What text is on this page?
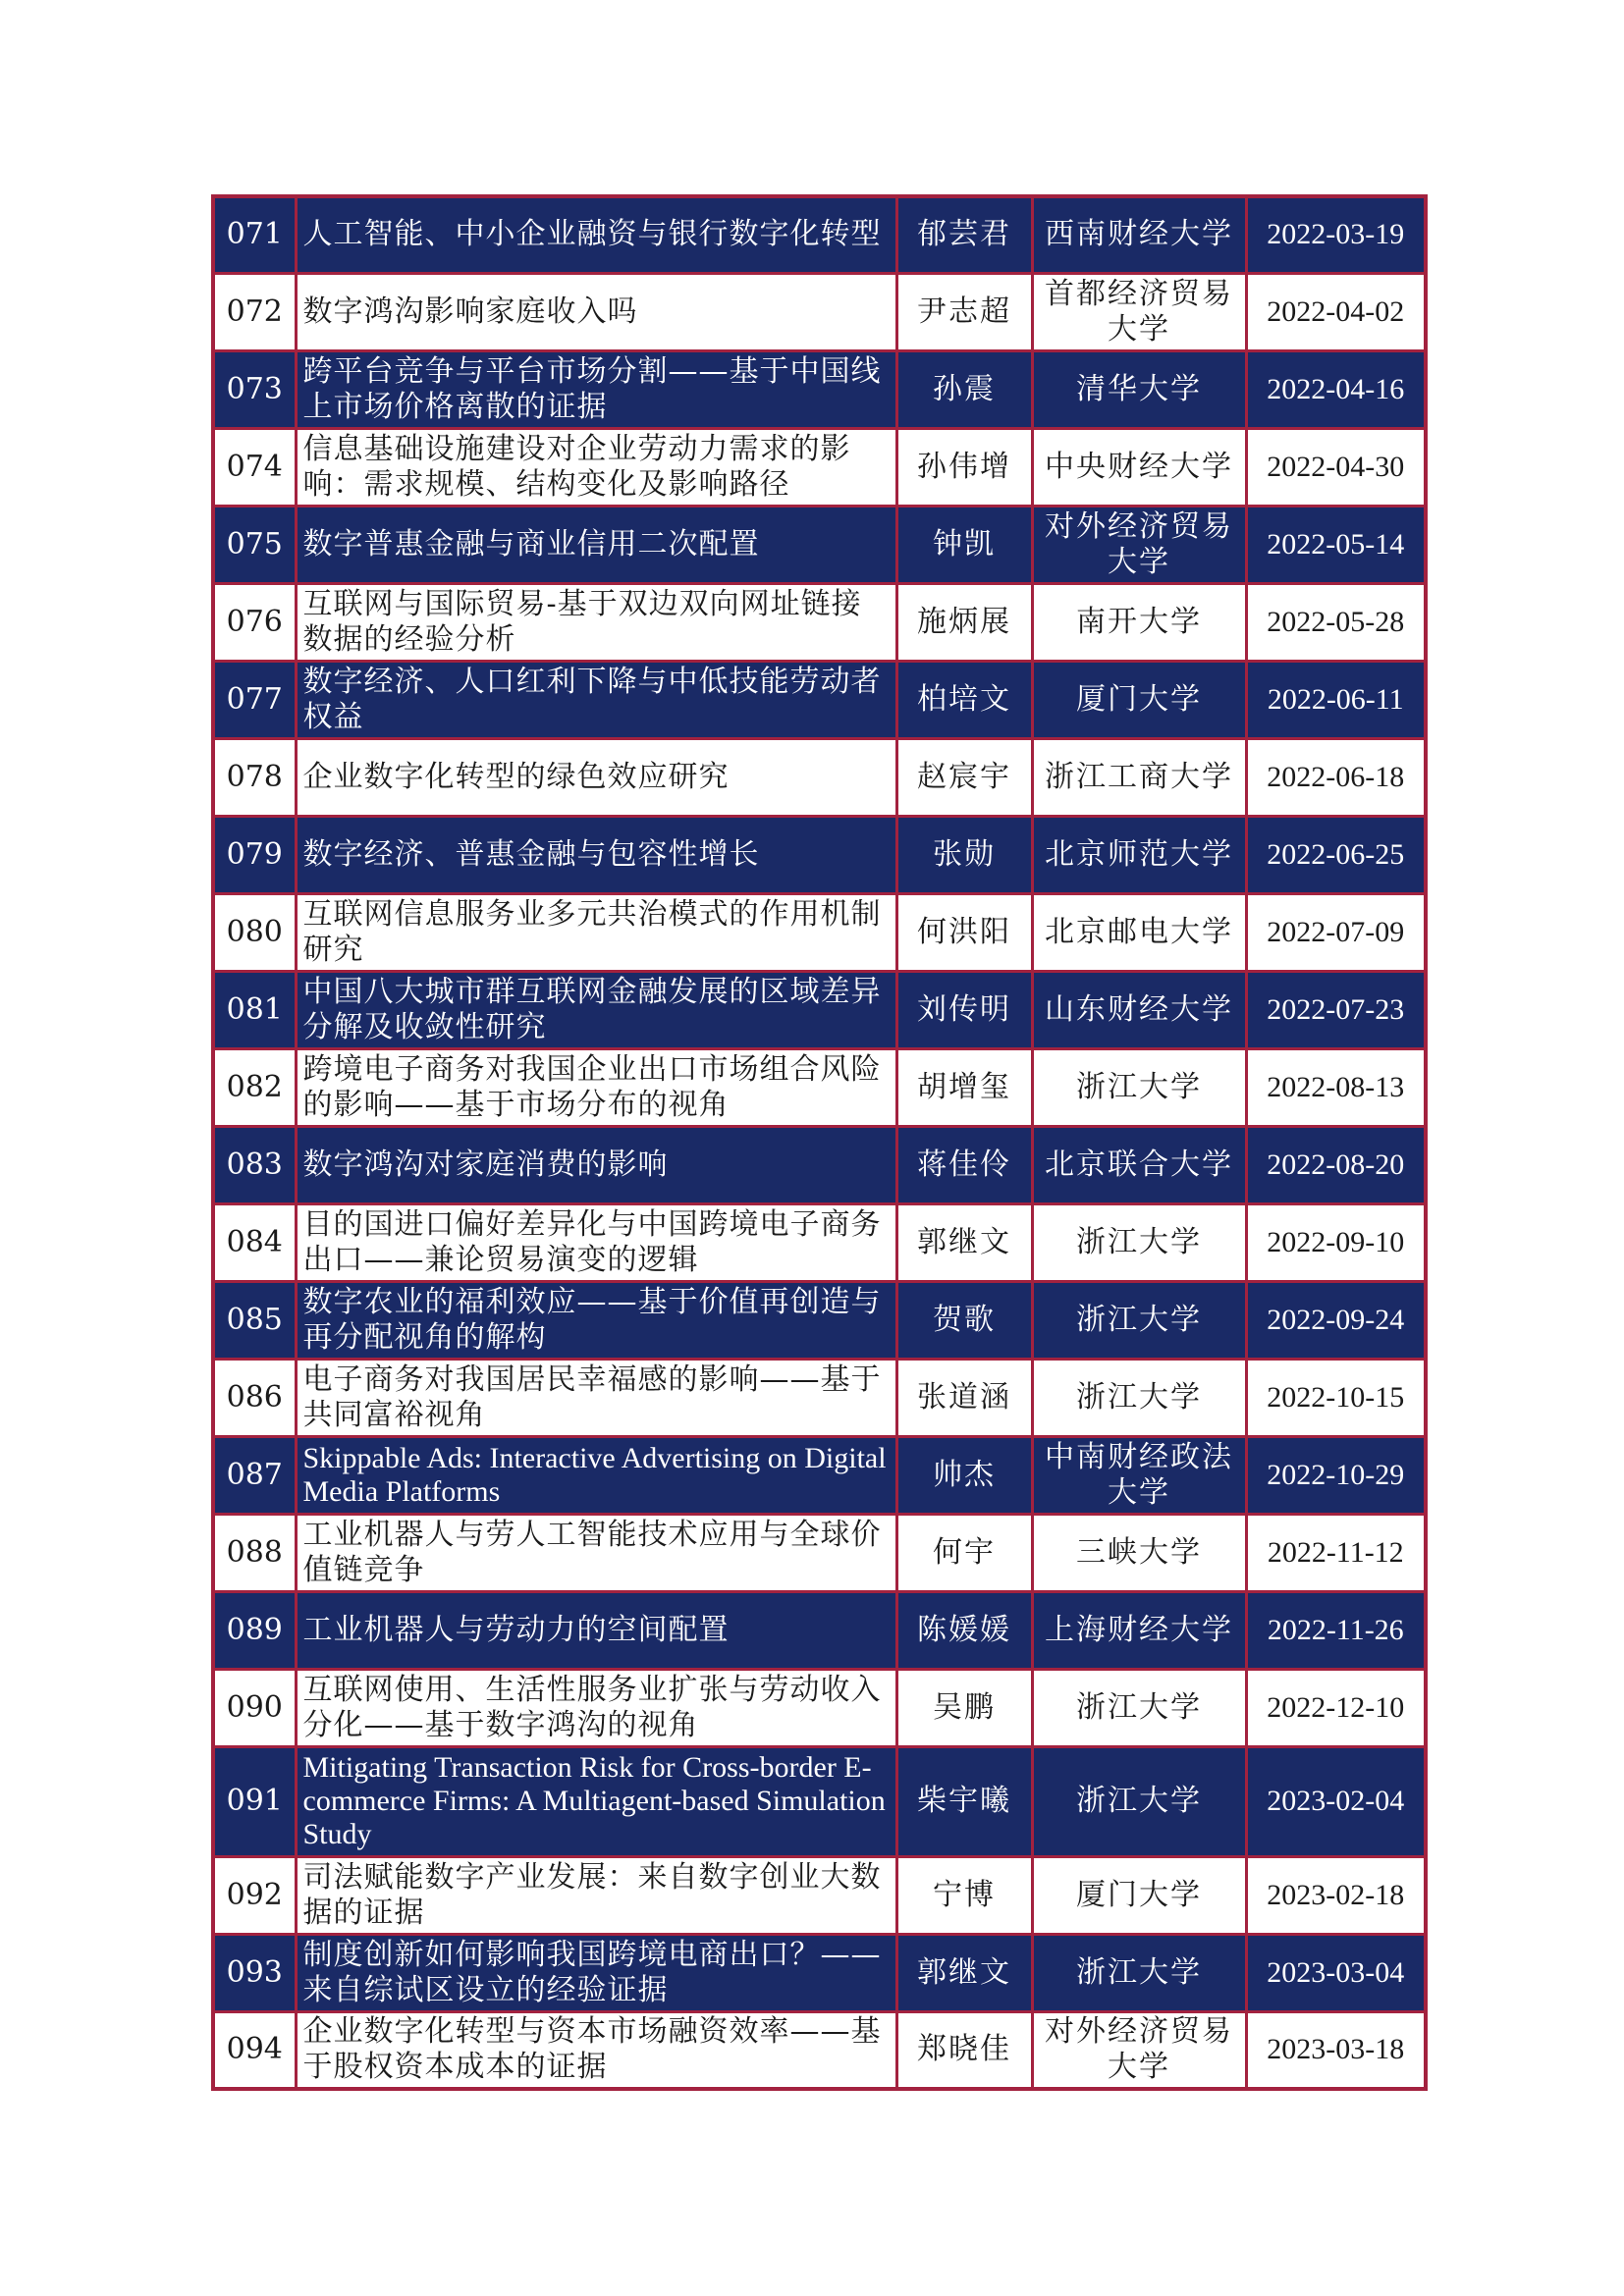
071	人工智能、中小企业融资与银行数字化转型	郁芸君	西南财经大学	2022-03-19
072	数字鸿沟影响家庭收入吗	尹志超	首都经济贸易大学	2022-04-02
073	跨平台竞争与平台市场分割——基于中国线上市场价格离散的证据	孙震	清华大学	2022-04-16
074	信息基础设施建设对企业劳动力需求的影响：需求规模、结构变化及影响路径	孙伟增	中央财经大学	2022-04-30
075	数字普惠金融与商业信用二次配置	钟凯	对外经济贸易大学	2022-05-14
076	互联网与国际贸易-基于双边双向网址链接数据的经验分析	施炳展	南开大学	2022-05-28
077	数字经济、人口红利下降与中低技能劳动者权益	柏培文	厦门大学	2022-06-11
078	企业数字化转型的绿色效应研究	赵宸宇	浙江工商大学	2022-06-18
079	数字经济、普惠金融与包容性增长	张勋	北京师范大学	2022-06-25
080	互联网信息服务业多元共治模式的作用机制研究	何洪阳	北京邮电大学	2022-07-09
081	中国八大城市群互联网金融发展的区域差异分解及收敛性研究	刘传明	山东财经大学	2022-07-23
082	跨境电子商务对我国企业出口市场组合风险的影响——基于市场分布的视角	胡增玺	浙江大学	2022-08-13
083	数字鸿沟对家庭消费的影响	蒋佳伶	北京联合大学	2022-08-20
084	目的国进口偏好差异化与中国跨境电子商务出口——兼论贸易演变的逻辑	郭继文	浙江大学	2022-09-10
085	数字农业的福利效应——基于价值再创造与再分配视角的解构	贺歌	浙江大学	2022-09-24
086	电子商务对我国居民幸福感的影响——基于共同富裕视角	张道涵	浙江大学	2022-10-15
087	Skippable Ads: Interactive Advertising on Digital Media Platforms	帅杰	中南财经政法大学	2022-10-29
088	工业机器人与劳人工智能技术应用与全球价值链竞争	何宇	三峡大学	2022-11-12
089	工业机器人与劳动力的空间配置	陈媛媛	上海财经大学	2022-11-26
090	互联网使用、生活性服务业扩张与劳动收入分化——基于数字鸿沟的视角	吴鹏	浙江大学	2022-12-10
091	Mitigating Transaction Risk for Cross-border E-commerce Firms: A Multiagent-based Simulation Study	柴宇曦	浙江大学	2023-02-04
092	司法赋能数字产业发展：来自数字创业大数据的证据	宁博	厦门大学	2023-02-18
093	制度创新如何影响我国跨境电商出口？——来自综试区设立的经验证据	郭继文	浙江大学	2023-03-04
094	企业数字化转型与资本市场融资效率——基于股权资本成本的证据	郑晓佳	对外经济贸易大学	2023-03-18
